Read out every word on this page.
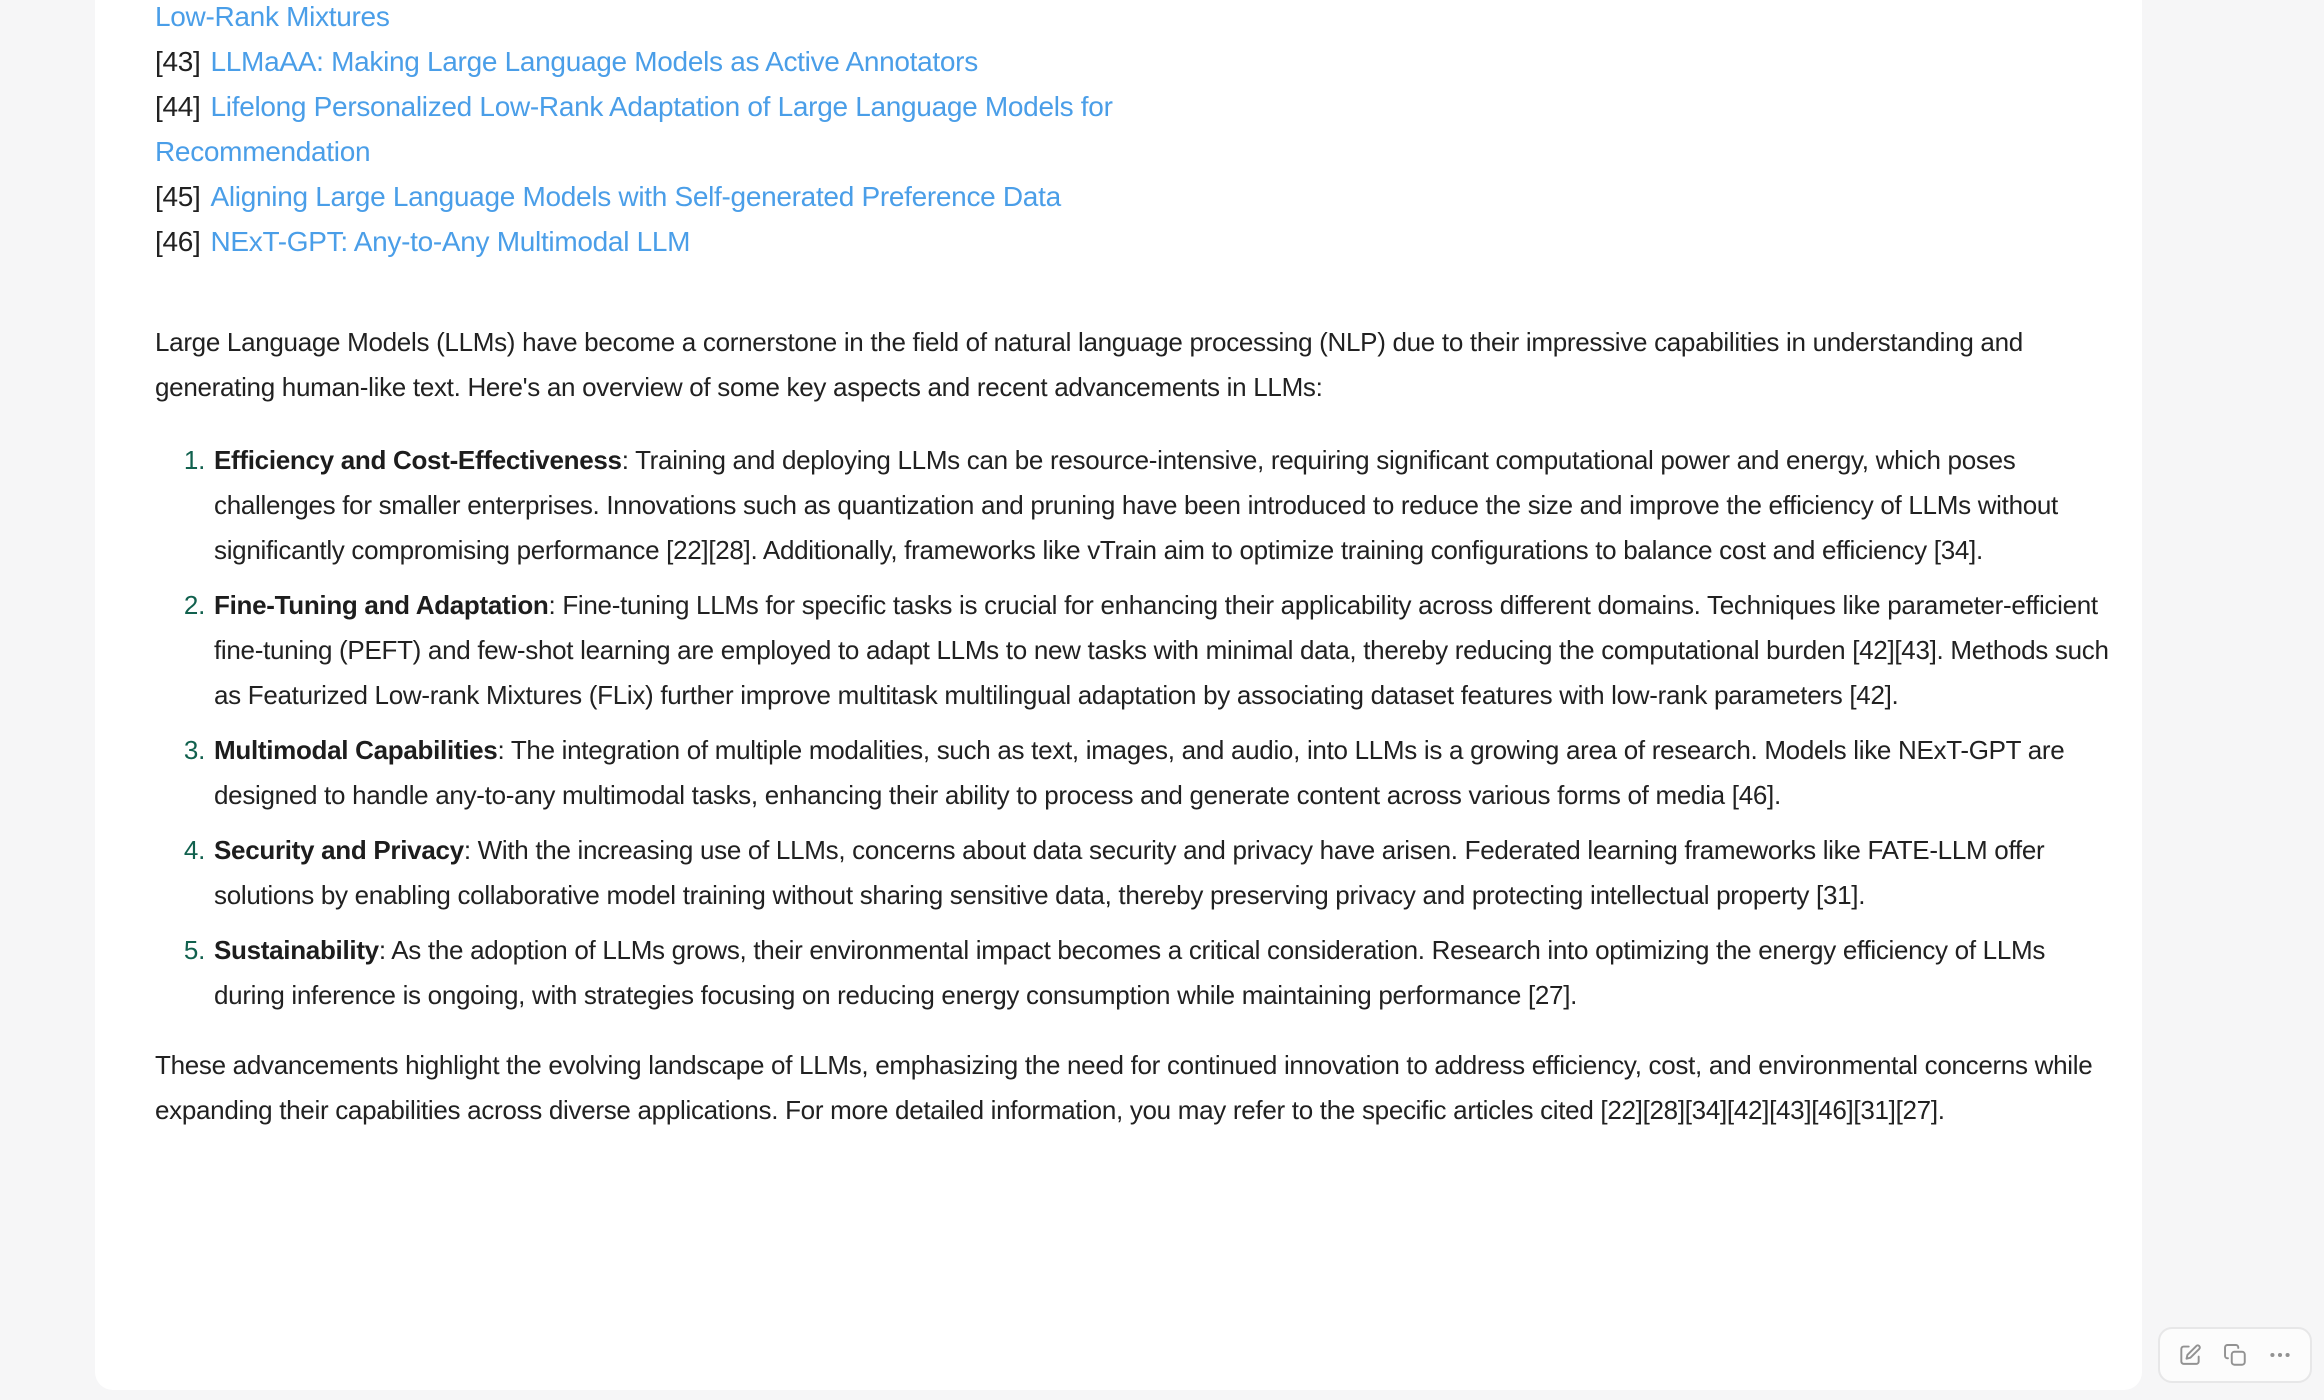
Low-Rank Mixtures
[43] LLMaAA: Making Large Language Models as Active Annotators
[44] Lifelong Personalized Low-Rank Adaptation of Large Language Models for Recommendation
[45] Aligning Large Language Models with Self-generated Preference Data
[46] NExT-GPT: Any-to-Any Multimodal LLM

Large Language Models (LLMs) have become a cornerstone in the field of natural language processing (NLP) due to their impressive capabilities in understanding and generating human-like text. Here's an overview of some key aspects and recent advancements in LLMs:

1. Efficiency and Cost-Effectiveness: Training and deploying LLMs can be resource-intensive, requiring significant computational power and energy, which poses challenges for smaller enterprises. Innovations such as quantization and pruning have been introduced to reduce the size and improve the efficiency of LLMs without significantly compromising performance [22][28]. Additionally, frameworks like vTrain aim to optimize training configurations to balance cost and efficiency [34].
2. Fine-Tuning and Adaptation: Fine-tuning LLMs for specific tasks is crucial for enhancing their applicability across different domains. Techniques like parameter-efficient fine-tuning (PEFT) and few-shot learning are employed to adapt LLMs to new tasks with minimal data, thereby reducing the computational burden [42][43]. Methods such as Featurized Low-rank Mixtures (FLix) further improve multitask multilingual adaptation by associating dataset features with low-rank parameters [42].
3. Multimodal Capabilities: The integration of multiple modalities, such as text, images, and audio, into LLMs is a growing area of research. Models like NExT-GPT are designed to handle any-to-any multimodal tasks, enhancing their ability to process and generate content across various forms of media [46].
4. Security and Privacy: With the increasing use of LLMs, concerns about data security and privacy have arisen. Federated learning frameworks like FATE-LLM offer solutions by enabling collaborative model training without sharing sensitive data, thereby preserving privacy and protecting intellectual property [31].
5. Sustainability: As the adoption of LLMs grows, their environmental impact becomes a critical consideration. Research into optimizing the energy efficiency of LLMs during inference is ongoing, with strategies focusing on reducing energy consumption while maintaining performance [27].

These advancements highlight the evolving landscape of LLMs, emphasizing the need for continued innovation to address efficiency, cost, and environmental concerns while expanding their capabilities across diverse applications. For more detailed information, you may refer to the specific articles cited [22][28][34][42][43][46][31][27].
